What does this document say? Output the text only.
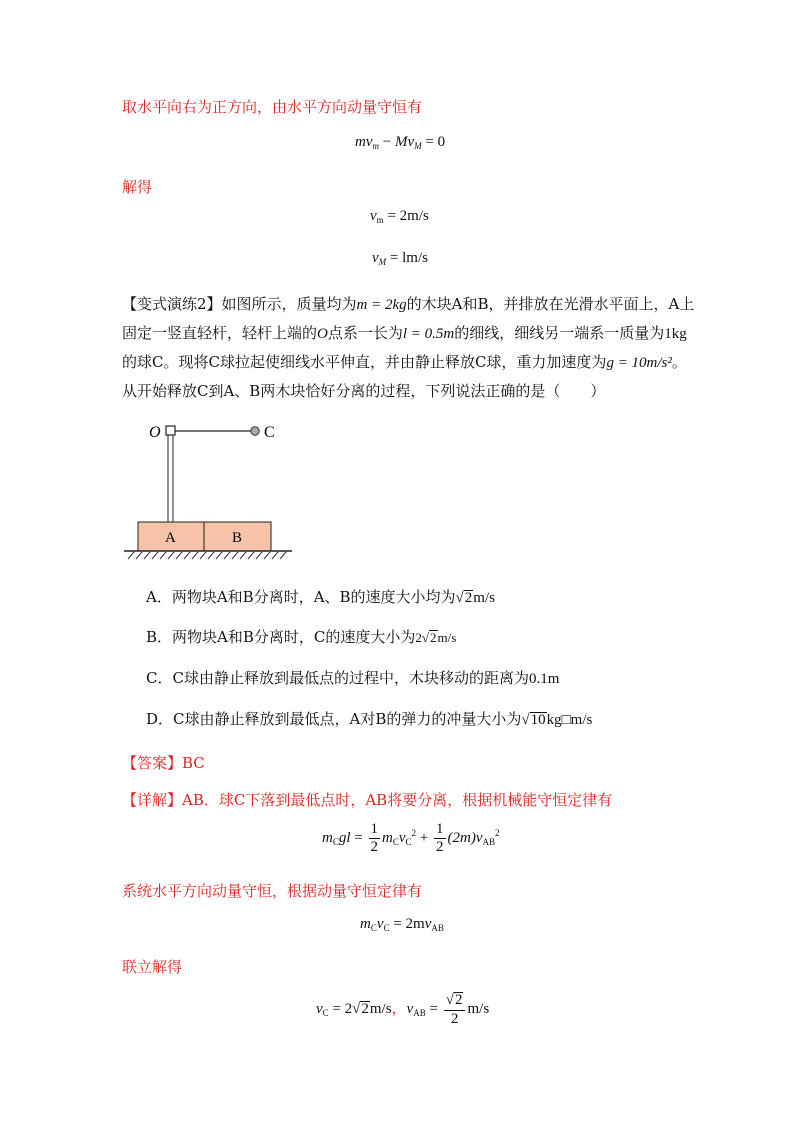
取水平向右为正方向，由水平方向动量守恒有
$mv_m - Mv_M = 0$
解得
$v_m = 2m/s$
$v_M = lm/s$
【变式演练2】如图所示，质量均为m = 2kg的木块A和B，并排放在光滑水平面上，A上
固定一竖直轻杆，轻杆上端的O点系一长为l = 0.5m的细线，细线另一端系一质量为1kg
的球C。现将C球拉起使细线水平伸直，并由静止释放C球，重力加速度为g = 10m/s²。
从开始释放C到A、B两木块恰好分离的过程，下列说法正确的是（　　）
A	B
O	C
A．两物块A和B分离时，A、B的速度大小均为√2m/s
B．两物块A和B分离时，C的速度大小为2√2m/s
C．C球由静止释放到最低点的过程中，木块移动的距离为0.1m
D．C球由静止释放到最低点，A对B的弹力的冲量大小为√10kg□m/s
【答案】BC
【详解】AB．球C下落到最低点时，AB将要分离，根据机械能守恒定律有
$m_Cgl = \frac{1}{2} m_Cv_C^2 + \frac{1}{2} (2m)v_{AB}^2$
系统水平方向动量守恒，根据动量守恒定律有
$m_Cv_C = 2mv_{AB}$
联立解得
$v_C = 2√2m/s$，$v_{AB} = \frac{√2}{2} m/s$
